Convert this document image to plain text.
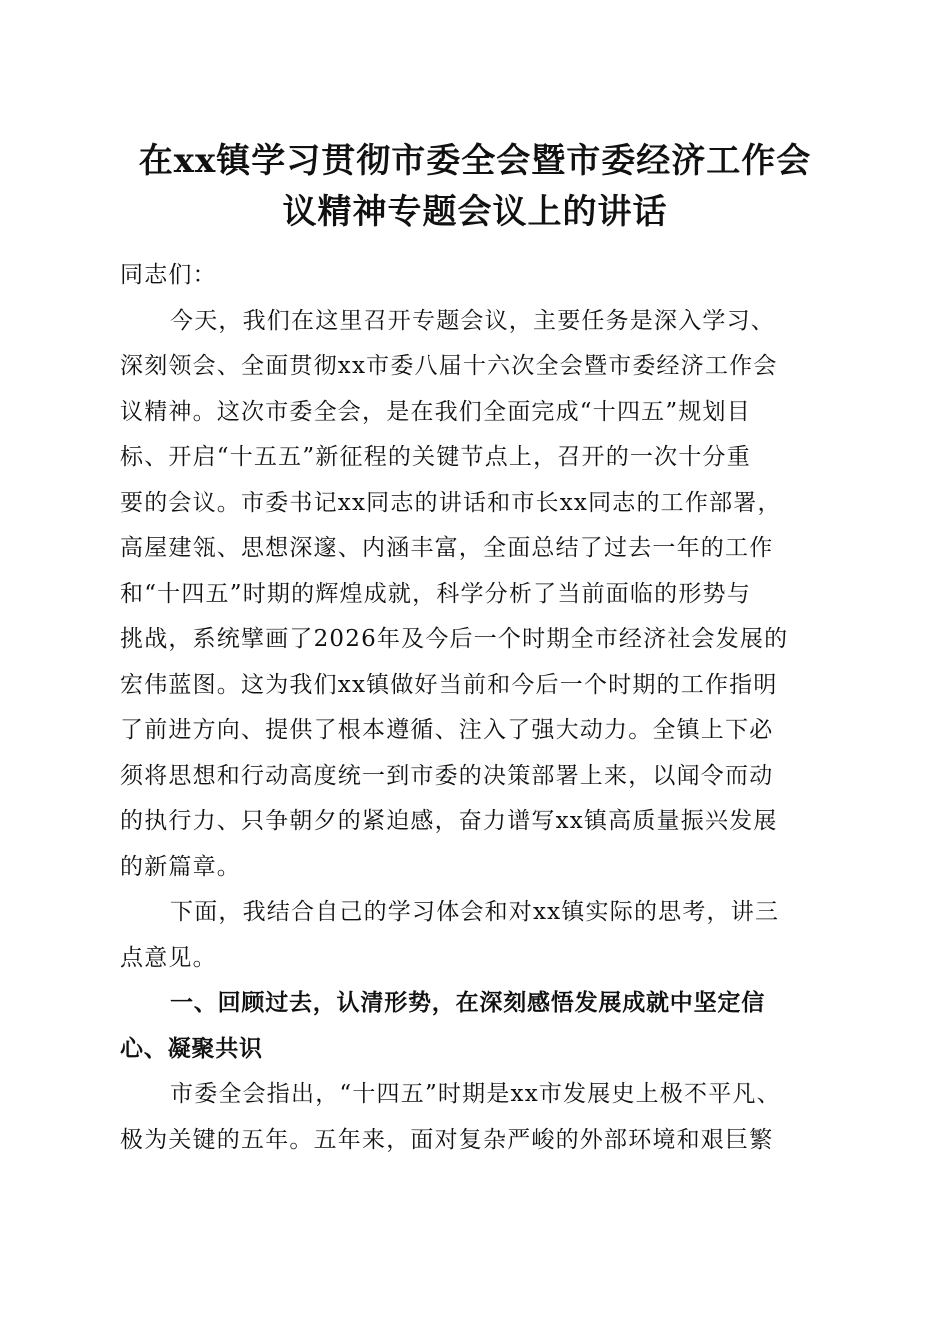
在xx镇学习贯彻市委全会暨市委经济工作会
议精神专题会议上的讲话
同志们：
今天，我们在这里召开专题会议，主要任务是深入学习、
深刻领会、全面贯彻xx市委八届十六次全会暨市委经济工作会
议精神。这次市委全会，是在我们全面完成“十四五”规划目
标、开启“十五五”新征程的关键节点上，召开的一次十分重
要的会议。市委书记xx同志的讲话和市长xx同志的工作部署，
高屋建瓴、思想深邃、内涵丰富，全面总结了过去一年的工作
和“十四五”时期的辉煌成就，科学分析了当前面临的形势与
挑战，系统擘画了2026年及今后一个时期全市经济社会发展的
宏伟蓝图。这为我们xx镇做好当前和今后一个时期的工作指明
了前进方向、提供了根本遵循、注入了强大动力。全镇上下必
须将思想和行动高度统一到市委的决策部署上来，以闻令而动
的执行力、只争朝夕的紧迫感，奋力谱写xx镇高质量振兴发展
的新篇章。
下面，我结合自己的学习体会和对xx镇实际的思考，讲三
点意见。
一、回顾过去，认清形势，在深刻感悟发展成就中坚定信
心、凝聚共识
市委全会指出，“十四五”时期是xx市发展史上极不平凡、
极为关键的五年。五年来，面对复杂严峻的外部环境和艰巨繁
